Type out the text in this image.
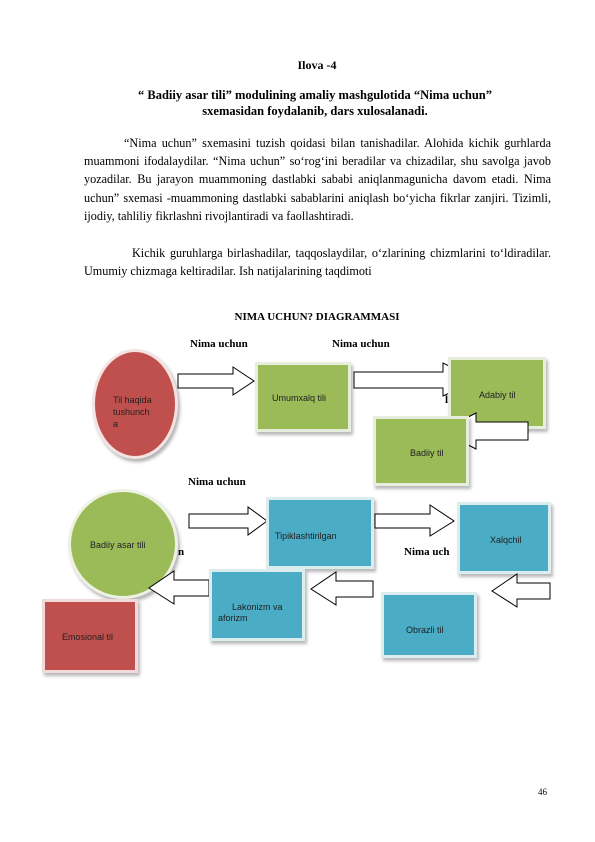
Ilova -4
“ Badiiy asar tili” modulining amaliy mashgulotida “Nima uchun” sxemasidan foydalanib, dars xulosalanadi.
“Nima uchun” sxemasini tuzish qoidasi bilan tanishadilar. Alohida kichik gurhlarda muammoni ifodalaydilar. “Nima uchun” so‘rog‘ini beradilar va chizadilar, shu savolga javob yozadilar. Bu jarayon muammoning dastlabki sababi aniqlanmagunicha davom etadi. Nima uchun” sxemasi -muammoning dastlabki sabablarini aniqlash bo‘yicha fikrlar zanjiri. Tizimli, ijodiy, tahliliy fikrlashni rivojlantiradi va faollashtiradi.
Kichik guruhlarga birlashadilar, taqqoslaydilar, o‘zlarining chizmlarini to‘ldiradilar. Umumiy chizmaga keltiradilar. Ish natijalarining taqdimoti
NIMA UCHUN? DIAGRAMMASI
Nima uchun	Nima uchun
l
Nima uchun
n	Nima uch
Til haqida tushunch a
Umumxalq tili	Adabiy til
Badiiy til
Badiiy asar tili
Tipiklashtirilgan	Xalqchil
Lakonizm va aforizm
Obrazli til
Emosional til
46
